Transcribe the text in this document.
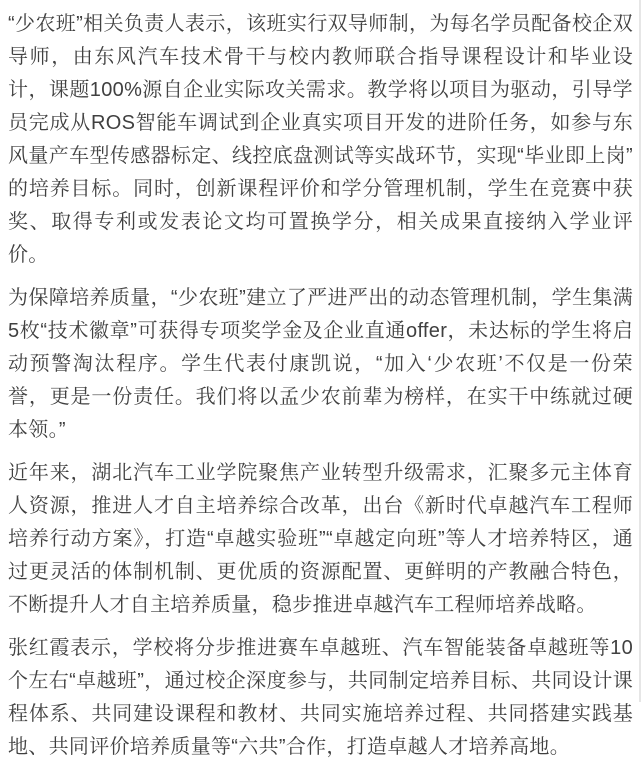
“少农班”相关负责人表示，该班实行双导师制，为每名学员配备校企双导师，由东风汽车技术骨干与校内教师联合指导课程设计和毕业设计，课题100%源自企业实际攻关需求。教学将以项目为驱动，引导学员完成从ROS智能车调试到企业真实项目开发的进阶任务，如参与东风量产车型传感器标定、线控底盘测试等实战环节，实现“毕业即上岗”的培养目标。同时，创新课程评价和学分管理机制，学生在竞赛中获奖、取得专利或发表论文均可置换学分，相关成果直接纳入学业评价。

为保障培养质量，“少农班”建立了严进严出的动态管理机制，学生集满5枚“技术徽章”可获得专项奖学金及企业直通offer，未达标的学生将启动预警淘汰程序。学生代表付康凯说，“加入‘少农班’不仅是一份荣誉，更是一份责任。我们将以孟少农前辈为榜样，在实干中练就过硬本领。”

近年来，湖北汽车工业学院聚焦产业转型升级需求，汇聚多元主体育人资源，推进人才自主培养综合改革，出台《新时代卓越汽车工程师培养行动方案》，打造“卓越实验班”“卓越定向班”等人才培养特区，通过更灵活的体制机制、更优质的资源配置、更鲜明的产教融合特色，不断提升人才自主培养质量，稳步推进卓越汽车工程师培养战略。

张红霞表示，学校将分步推进赛车卓越班、汽车智能装备卓越班等10个左右“卓越班”，通过校企深度参与，共同制定培养目标、共同设计课程体系、共同建设课程和教材、共同实施培养过程、共同搭建实践基地、共同评价培养质量等“六共”合作，打造卓越人才培养高地。
